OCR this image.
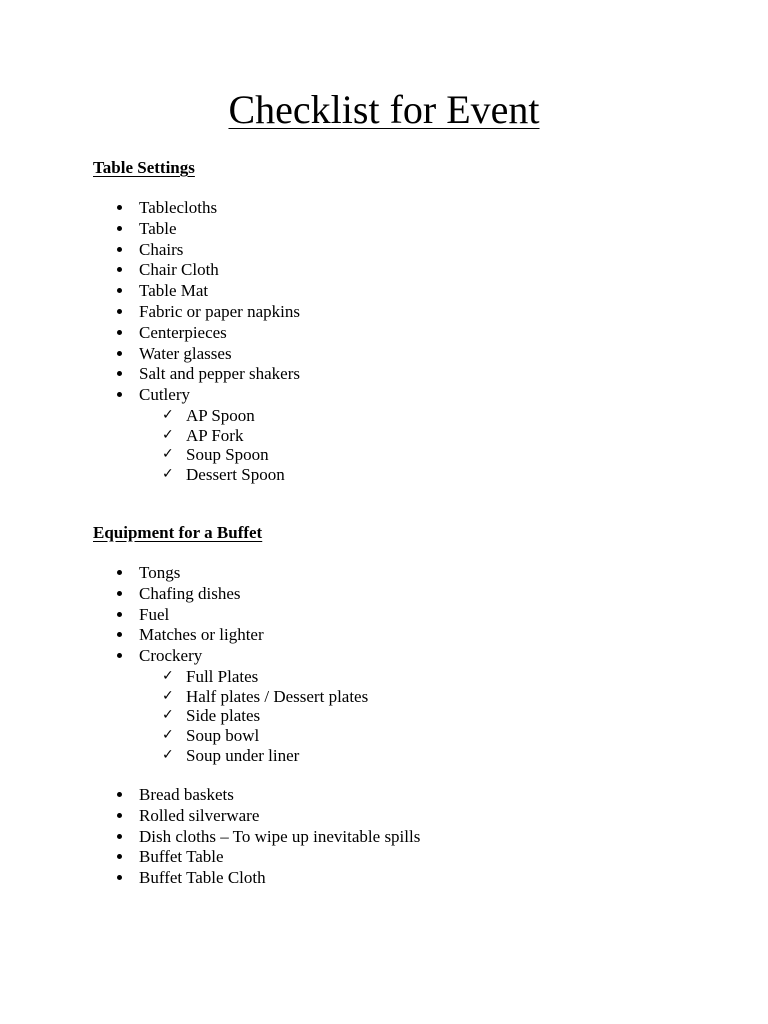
Checklist for Event
Table Settings
Tablecloths
Table
Chairs
Chair Cloth
Table Mat
Fabric or paper napkins
Centerpieces
Water glasses
Salt and pepper shakers
Cutlery
✓ AP Spoon
✓ AP Fork
✓ Soup Spoon
✓ Dessert Spoon
Equipment for a Buffet
Tongs
Chafing dishes
Fuel
Matches or lighter
Crockery
✓ Full Plates
✓ Half plates / Dessert plates
✓ Side plates
✓ Soup bowl
✓ Soup under liner
Bread baskets
Rolled silverware
Dish cloths – To wipe up inevitable spills
Buffet Table
Buffet Table Cloth
